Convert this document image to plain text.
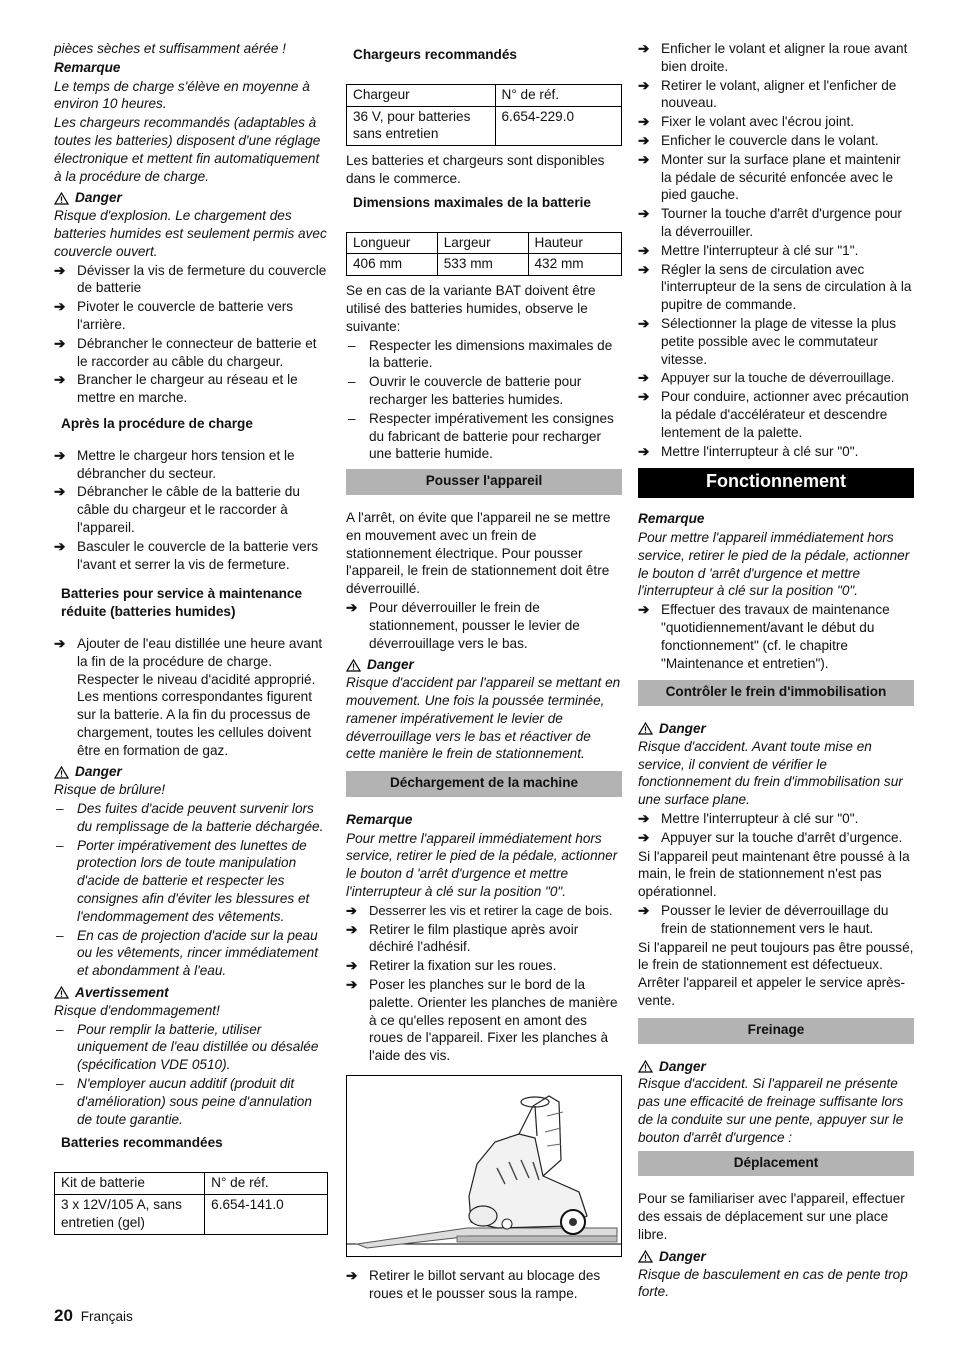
pièces sèches et suffisamment aérée !

Remarque

Le temps de charge s'élève en moyenne à environ 10 heures.

Les chargeurs recommandés (adaptables à toutes les batteries) disposent d'une réglage électronique et mettent fin automatiquement à la procédure de charge.

Danger

Risque d'explosion. Le chargement des batteries humides est seulement permis avec couvercle ouvert.

➔ Dévisser la vis de fermeture du couvercle de batterie
➔ Pivoter le couvercle de batterie vers l'arrière.
➔ Débrancher le connecteur de batterie et le raccorder au câble du chargeur.
➔ Brancher le chargeur au réseau et le mettre en marche.
Après la procédure de charge
➔ Mettre le chargeur hors tension et le débrancher du secteur.
➔ Débrancher le câble de la batterie du câble du chargeur et le raccorder à l'appareil.
➔ Basculer le couvercle de la batterie vers l'avant et serrer la vis de fermeture.
Batteries pour service à maintenance réduite (batteries humides)
➔ Ajouter de l'eau distillée une heure avant la fin de la procédure de charge. Respecter le niveau d'acidité approprié. Les mentions correspondantes figurent sur la batterie. A la fin du processus de chargement, toutes les cellules doivent être en formation de gaz.
Danger

Risque de brûlure!

– Des fuites d'acide peuvent survenir lors du remplissage de la batterie déchargée.
– Porter impérativement des lunettes de protection lors de toute manipulation d'acide de batterie et respecter les consignes afin d'éviter les blessures et l'endommagement des vêtements.
– En cas de projection d'acide sur la peau ou les vêtements, rincer immédiatement et abondamment à l'eau.
Avertissement

Risque d'endommagement!

– Pour remplir la batterie, utiliser uniquement de l'eau distillée ou désalée (spécification VDE 0510).
– N'employer aucun additif (produit dit d'amélioration) sous peine d'annulation de toute garantie.
Batteries recommandées
Kit de batterie	N° de réf.
3 x 12V/105 A, sans entretien (gel)	6.654-141.0
Chargeurs recommandés
Chargeur	N° de réf.
36 V, pour batteries sans entretien	6.654-229.0

Les batteries et chargeurs sont disponibles dans le commerce.

Dimensions maximales de la batterie
Longueur	Largeur	Hauteur
406 mm	533 mm	432 mm

Se en cas de la variante BAT doivent être utilisé des batteries humides, observe le suivante:

– Respecter les dimensions maximales de la batterie.
– Ouvrir le couvercle de batterie pour recharger les batteries humides.
– Respecter impérativement les consignes du fabricant de batterie pour recharger une batterie humide.
Pousser l'appareil

A l'arrêt, on évite que l'appareil ne se mettre en mouvement avec un frein de stationnement électrique. Pour pousser l'appareil, le frein de stationnement doit être déverrouillé.

➔ Pour déverrouiller le frein de stationnement, pousser le levier de déverrouillage vers le bas.
Danger

Risque d'accident par l'appareil se mettant en mouvement. Une fois la poussée terminée, ramener impérativement le levier de déverrouillage vers le bas et réactiver de cette manière le frein de stationnement.

Déchargement de la machine

Remarque

Pour mettre l'appareil immédiatement hors service, retirer le pied de la pédale, actionner le bouton d 'arrêt d'urgence et mettre l'interrupteur à clé sur la position "0".

➔ Desserrer les vis et retirer la cage de bois.
➔ Retirer le film plastique après avoir déchiré l'adhésif.
➔ Retirer la fixation sur les roues.
➔ Poser les planches sur le bord de la palette. Orienter les planches de manière à ce qu'elles reposent en amont des roues de l'appareil. Fixer les planches à l'aide des vis.
➔ Retirer le billot servant au blocage des roues et le pousser sous la rampe.
➔ Enficher le volant et aligner la roue avant bien droite.
➔ Retirer le volant, aligner et l'enficher de nouveau.
➔ Fixer le volant avec l'écrou joint.
➔ Enficher le couvercle dans le volant.
➔ Monter sur la surface plane et maintenir la pédale de sécurité enfoncée avec le pied gauche.
➔ Tourner la touche d'arrêt d'urgence pour la déverrouiller.
➔ Mettre l'interrupteur à clé sur "1".
➔ Régler la sens de circulation avec l'interrupteur de la sens de circulation à la pupitre de commande.
➔ Sélectionner la plage de vitesse la plus petite possible avec le commutateur vitesse.
➔ Appuyer sur la touche de déverrouillage.
➔ Pour conduire, actionner avec précaution la pédale d'accélérateur et descendre lentement de la palette.
➔ Mettre l'interrupteur à clé sur "0".
Fonctionnement

Remarque

Pour mettre l'appareil immédiatement hors service, retirer le pied de la pédale, actionner le bouton d 'arrêt d'urgence et mettre l'interrupteur à clé sur la position "0".

➔ Effectuer des travaux de maintenance "quotidiennement/avant le début du fonctionnement" (cf. le chapitre "Maintenance et entretien").
Contrôler le frein d'immobilisation
Danger

Risque d'accident. Avant toute mise en service, il convient de vérifier le fonctionnement du frein d'immobilisation sur une surface plane.

➔ Mettre l'interrupteur à clé sur "0".
➔ Appuyer sur la touche d'arrêt d’urgence.

Si l'appareil peut maintenant être poussé à la main, le frein de stationnement n'est pas opérationnel.

➔ Pousser le levier de déverrouillage du frein de stationnement vers le haut.

Si l'appareil ne peut toujours pas être poussé, le frein de stationnement est défectueux. Arrêter l'appareil et appeler le service après-vente.

Freinage
Danger

Risque d'accident. Si l'appareil ne présente pas une efficacité de freinage suffisante lors de la conduite sur une pente, appuyer sur le bouton d'arrêt d'urgence :

Déplacement

Pour se familiariser avec l'appareil, effectuer des essais de déplacement sur une place libre.

Danger

Risque de basculement en cas de pente trop forte.

20 Français
